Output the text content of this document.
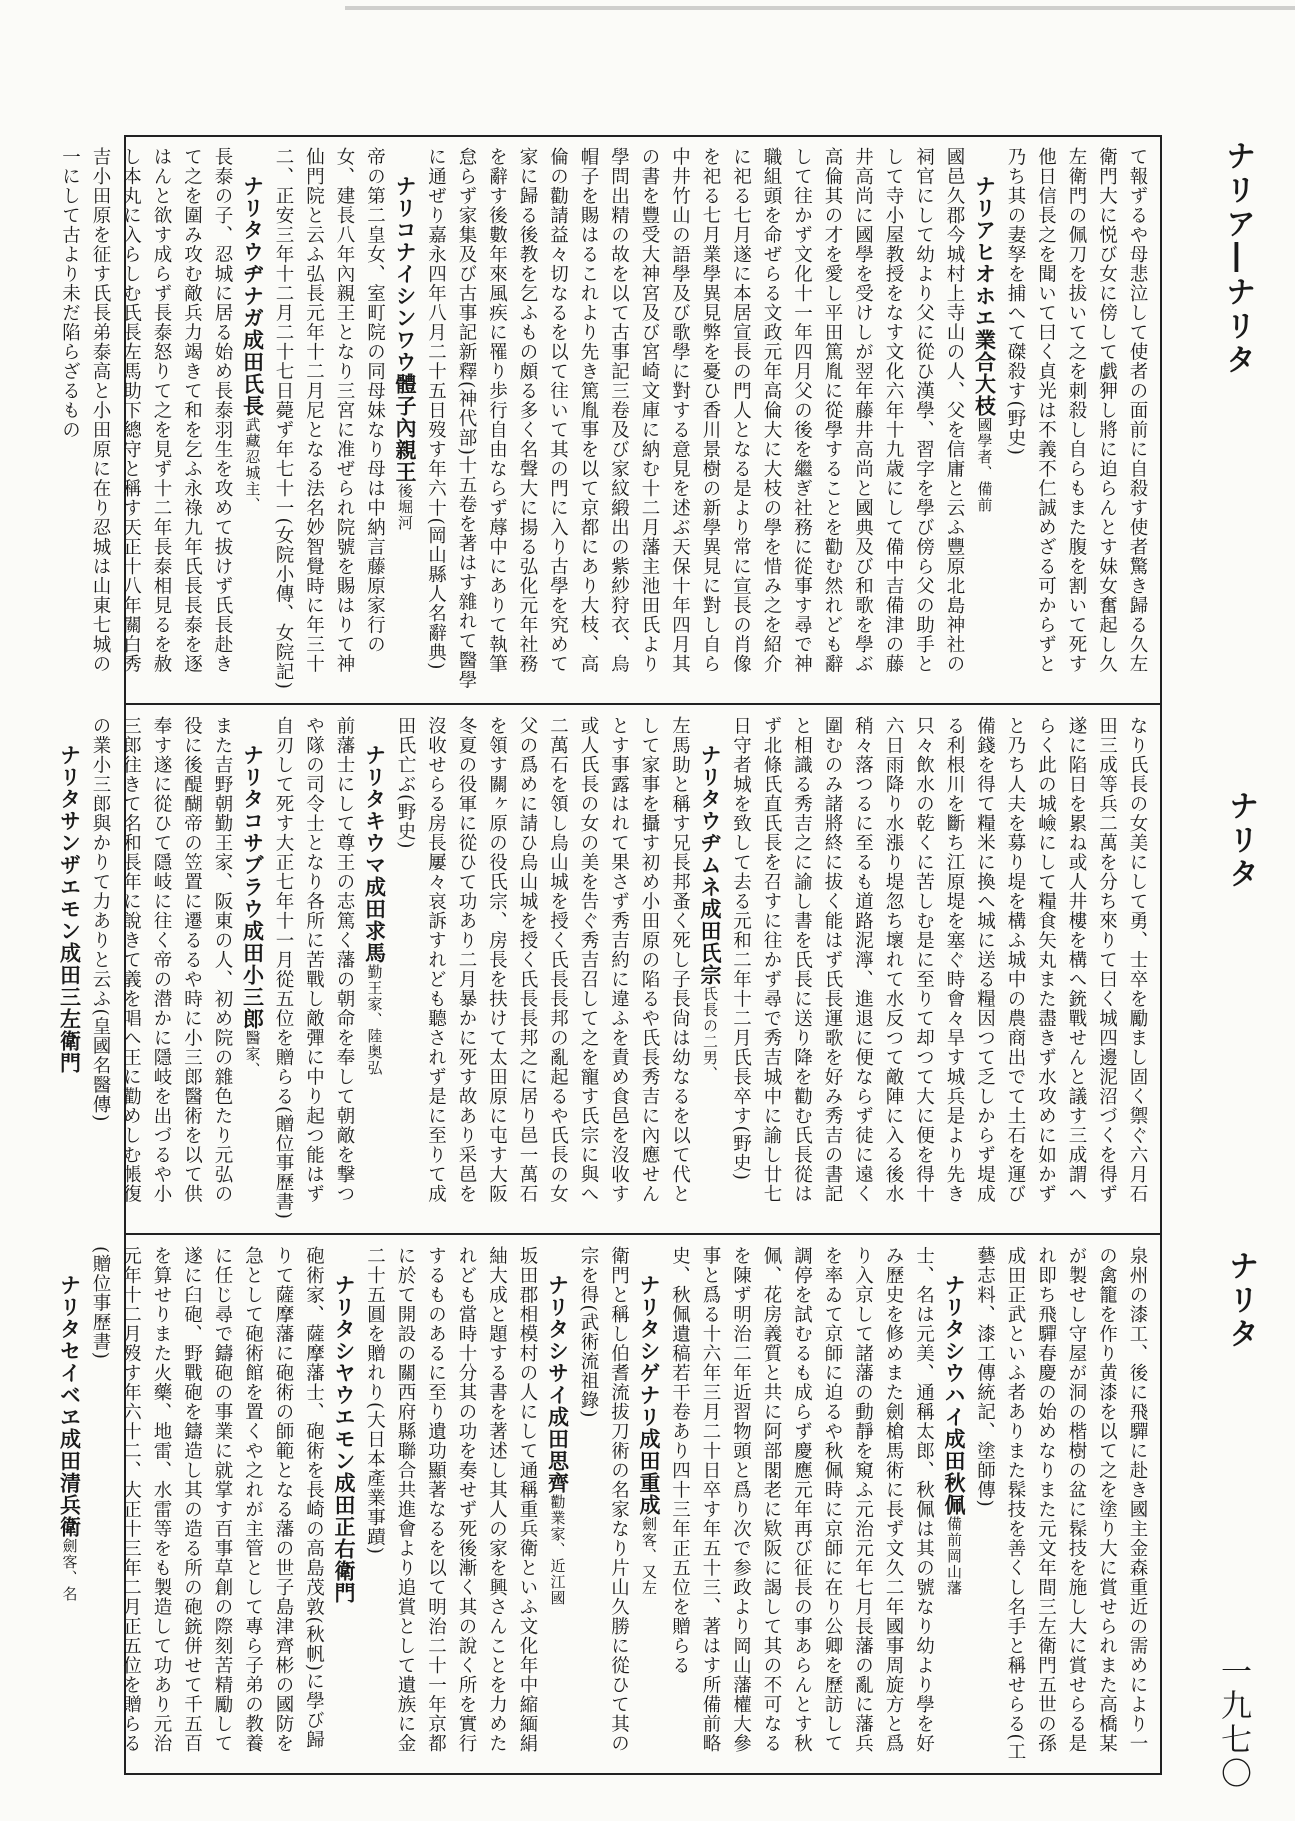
ナリア―ナリタ
ナリタ
ナリタ
一九七〇
て報ずるや母悲泣して使者の面前に自殺す使者驚き歸る久左衛門大に悦び女に傍して戯狎し將に迫らんとす妹女奮起し久左衛門の佩刀を拔いて之を刺殺し自らもまた腹を割いて死す他日信長之を聞いて曰く貞光は不義不仁誠めざる可からずと乃ち其の妻孥を捕へて磔殺す(野史)
ナリアヒオホエ業合大枝國學者、備前
國邑久郡今城村上寺山の人、父を信庸と云ふ豐原北島神社の祠官にして幼より父に從ひ漢學、習字を學び傍ら父の助手として寺小屋教授をなす文化六年十九歳にして備中吉備津の藤井高尚に國學を受けしが翌年藤井高尚と國典及び和歌を學ぶ高倫其の才を愛し平田篤胤に從學することを勸む然れども辭して往かず文化十一年四月父の後を繼ぎ社務に從事す尋で神職組頭を命ぜらる文政元年高倫大に大枝の學を惜み之を紹介に祀る七月遂に本居宣長の門人となる是より常に宣長の肖像を祀る七月業學異見弊を憂ひ香川景樹の新學異見に對し自ら中井竹山の語學及び歌學に對する意見を述ぶ天保十年四月其の書を豐受大神宮及び宮崎文庫に納む十二月藩主池田氏より學問出精の故を以て古事記三卷及び家紋緞出の紫紗狩衣、烏帽子を賜はるこれより先き篤胤事を以て京都にあり大枝、高倫の勸請益々切なるを以て往いて其の門に入り古學を究めて家に歸る後教を乞ふもの頗る多く名聲大に揚る弘化元年社務を辭す後數年來風疾に罹り歩行自由ならず蓐中にありて執筆怠らず家集及び古事記新釋(神代部)十五卷を著はす雜れて醫學に通ぜり嘉永四年八月二十五日歿す年六十(岡山縣人名辭典)
ナリコナイシンワウ體子內親王後堀河
帝の第二皇女、室町院の同母妹なり母は中納言藤原家行の女、建長八年內親王となり三宮に准ぜられ院號を賜はりて神仙門院と云ふ弘長元年十二月尼となる法名妙智覺時に年三十二、正安三年十二月二十七日薨ず年七十一(女院小傳、女院記)
ナリタウヂナガ成田氏長武藏忍城主、
長泰の子、忍城に居る始め長泰羽生を攻めて拔けず氏長赴きて之を圍み攻む敵兵力竭きて和を乞ふ永祿九年氏長長泰を逐はんと欲す成らず長泰怒りて之を見ず十二年長泰相見るを赦し本丸に入らしむ氏長左馬助下總守と稱す天正十八年關白秀吉小田原を征す氏長弟泰高と小田原に在り忍城は山東七城の一にして古より未だ陷らざるもの
なり氏長の女美にして勇、士卒を勵まし固く禦ぐ六月石田三成等兵二萬を分ち來りて曰く城四邊泥沼づくを得ず遂に陷日を累ね或人井樓を構へ銃戰せんと議す三成謂へらく此の城嶮にして糧食矢丸また盡きず水攻めに如かずと乃ち人夫を募り堤を構ふ城中の農商出でて土石を運び備錢を得て糧米に換へ城に送る糧因つて乏しからず堤成る利根川を斷ち江原堤を塞ぐ時會々旱す城兵是より先き只々飲水の乾くに苦しむ是に至りて却つて大に便を得十六日雨降り水漲り堤忽ち壞れて水反つて敵陣に入る後水稍々落つるに至るも道路泥濘、進退に便ならず徒に遠く圍むのみ諸將終に拔く能はず氏長運歌を好み秀吉の書記と相識る秀吉之に諭し書を氏長に送り降を勸む氏長從はず北條氏直氏長を召すに往かず尋で秀吉城中に諭し廿七日守者城を致して去る元和二年十二月氏長卒す(野史)
ナリタウヂムネ成田氏宗氏長の二男、
左馬助と稱す兄長邦蚤く死し子長尙は幼なるを以て代として家事を攝す初め小田原の陷るや氏長秀吉に內應せんとす事露はれて果さず秀吉約に違ふを責め食邑を沒收す或人氏長の女の美を告ぐ秀吉召して之を寵す氏宗に與へ二萬石を領し烏山城を授く氏長長邦の亂起るや氏長の女父の爲めに請ひ烏山城を授く氏長長邦之に居り邑一萬石を領す關ヶ原の役氏宗、房長を扶けて太田原に屯す大阪冬夏の役軍に從ひて功あり二月暴かに死す故あり采邑を沒收せらる房長屢々哀訴すれども聽されず是に至りて成田氏亡ぶ(野史)
ナリタキウマ成田求馬勤王家、陸奥弘
前藩士にして尊王の志篤く藩の朝命を奉して朝敵を撃つや隊の司令士となり各所に苦戰し敵彈に中り起つ能はず自刃して死す大正七年十一月從五位を贈らる(贈位事歷書)
ナリタコサブラウ成田小三郎醫家、
また吉野朝勤王家、阪東の人、初め院の雜色たり元弘の役に後醍醐帝の笠置に遷るるや時に小三郎醫術を以て供奉す遂に從ひて隱岐に往く帝の潜かに隱岐を出づるや小三郎往きて名和長年に說きて義を唱へ王に勸めしむ帳復の業小三郎與かりて力ありと云ふ(皇國名醫傳)
ナリタサンザエモン成田三左衛門
泉州の漆工、後に飛驒に赴き國主金森重近の需めにより一の禽籠を作り黄漆を以て之を塗り大に賞せられまた高橋某が製せし守屋が洞の楷樹の盆に髹技を施し大に賞せらる是れ即ち飛驒春慶の始めなりまた元文年間三左衛門五世の孫成田正武といふ者ありまた髹技を善くし名手と稱せらる(工藝志料、漆工傳統記、塗師傳)
ナリタシウハイ成田秋佩備前岡山藩
士、名は元美、通稱太郎、秋佩は其の號なり幼より學を好み歷史を修めまた劍槍馬術に長ず文久二年國事周旋方と爲り入京して諸藩の動靜を窺ふ元治元年七月長藩の亂に藩兵を率ゐて京師に迫るや秋佩時に京師に在り公卿を歷訪して調停を試むるも成らず慶應元年再び征長の事あらんとす秋佩、花房義質と共に阿部閣老に欵阪に謁して其の不可なるを陳ず明治二年近習物頭と爲り次で参政より岡山藩權大參事と爲る十六年三月二十日卒す年五十三、著はす所備前略史、秋佩遺稿若干卷あり四十三年正五位を贈らる
ナリタシゲナリ成田重成劍客、又左
衛門と稱し伯耆流拔刀術の名家なり片山久勝に從ひて其の宗を得(武術流祖錄)
ナリタシサイ成田思齊勸業家、近江國
坂田郡相模村の人にして通稱重兵衛といふ文化年中縮緬絹紬大成と題する書を著述し其人の家を興さんことを力めたれども當時十分其の功を奏せず死後漸く其の說く所を實行するものあるに至り遺功顯著なるを以て明治二十一年京都に於て開設の關西府縣聯合共進會より追賞として遺族に金二十五圓を贈れり(大日本產業事蹟)
ナリタシヤウエモン成田正右衛門
砲術家、薩摩藩士、砲術を長崎の高島茂敦(秋帆)に學び歸りて薩摩藩に砲術の師範となる藩の世子島津齊彬の國防を急として砲術館を置くや之れが主管として專ら子弟の教養に任じ尋で鑄砲の事業に就掌す百事草創の際刻苦精勵して遂に臼砲、野戰砲を鑄造し其の造る所の砲銃併せて千五百を算せりまた火藥、地雷、水雷等をも製造して功あり元治元年十二月歿す年六十二、大正十三年二月正五位を贈らる(贈位事歷書)
ナリタセイベヱ成田清兵衛劍客、名
